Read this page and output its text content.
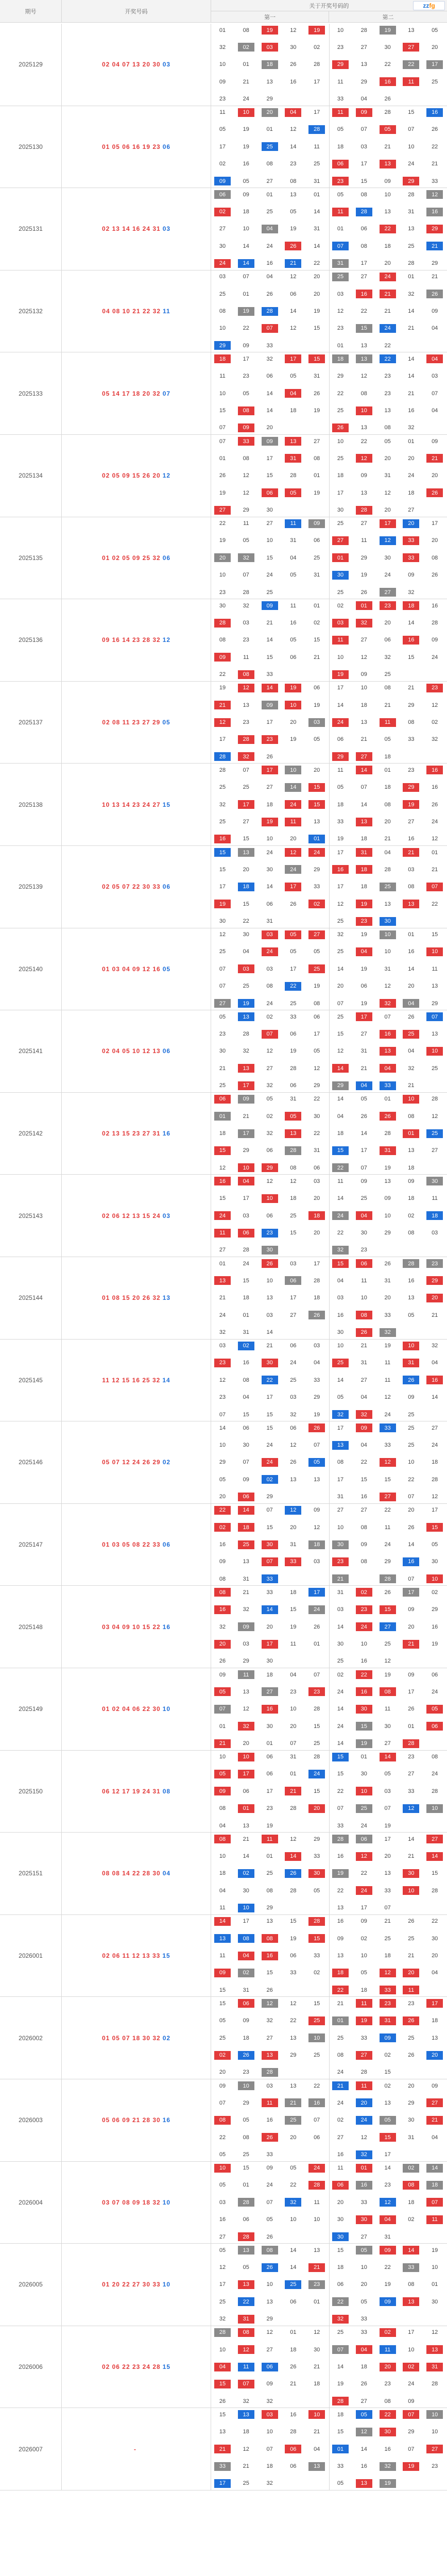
zz fg
期号	开奖号码
关于开奖号码的
第一	第二
2025129	02 04 07 13 20 30 03
01	08	19	12	19	10	28	19	13	05
32	02	03	30	02	23	27	30	27	20
10	01	18	26	28	29	13	22	22	17
09	21	13	16	17	11	29	16	11	25
23	24	29	33	04	26
2025130	01 05 06 16 19 23 06
11	10	20	04	17	11	09	28	15	16
05	19	01	12	28	05	07	05	07	26
17	19	25	14	11	18	03	21	10	22
02	16	08	23	25	06	17	13	24	21
09	05	27	08	31	23	15	09	29	33
2025131	02 13 14 16 24 31 03
06	09	01	13	01	05	08	10	28	12
02	18	25	05	14	11	28	13	31	16
27	10	04	19	31	01	06	22	13	29
30	14	24	26	14	07	08	18	25	21
24	14	16	21	22	31	17	20	28	29
2025132	04 08 10 21 22 32 11
03	07	04	12	20	25	27	24	01	21
25	01	26	06	20	03	16	21	32	26
08	19	28	14	19	12	22	21	14	09
10	22	07	12	15	23	15	24	21	04
29	09	33	01	13	22
2025133	05 14 17 18 20 32 07
18	17	32	17	15	18	13	22	14	04
11	23	06	05	31	29	12	23	14	03
10	05	14	04	26	22	08	23	21	07
15	08	14	18	19	25	10	13	16	04
07	09	20	26	13	08	32
2025134	02 05 09 15 26 20 12
07	33	09	13	27	10	22	05	01	09
01	08	17	31	08	25	12	20	20	21
26	12	15	28	01	18	09	31	24	20
19	12	06	05	19	17	13	12	18	26
27	29	30	30	28	20	27
2025135	01 02 05 09 25 32 06
22	11	27	11	09	25	27	17	20	17
19	05	10	31	06	27	11	12	33	20
20	32	15	04	25	01	29	30	33	08
10	07	24	05	31	30	19	24	09	26
23	28	25	25	26	27	32
2025136	09 16 14 23 28 32 12
30	32	09	11	01	02	01	23	18	16
28	03	21	16	02	03	32	20	14	28
08	23	14	05	15	11	27	06	16	09
09	11	15	06	21	10	12	32	15	24
22	08	33	19	09	25
2025137	02 08 11 23 27 29 05
19	12	14	19	06	17	10	08	21	23
21	13	09	10	19	14	18	21	29	12
12	23	17	20	03	24	13	11	08	02
17	28	23	19	05	06	21	05	33	32
28	32	26	29	27	18
2025138	10 13 14 23 24 27 15
28	07	17	10	20	11	14	01	23	16
25	25	27	14	15	05	07	18	29	16
32	17	18	24	15	18	14	08	19	26
25	27	19	11	13	33	13	20	27	24
16	15	10	20	01	19	18	21	16	12
2025139	02 05 07 22 30 33 06
15	13	24	12	24	17	31	04	21	01
15	20	30	24	29	16	18	28	03	21
17	18	14	17	33	17	18	25	08	07
19	15	06	26	02	12	19	13	13	22
30	22	31	25	23	30
2025140	01 03 04 09 12 16 05
12	30	03	05	27	32	19	10	01	15
25	04	24	05	05	25	04	10	16	10
07	03	03	17	25	14	19	31	14	11
07	25	08	22	19	20	06	12	20	13
27	19	24	25	08	07	19	32	04	29
2025141	02 04 05 10 12 13 06
05	13	02	33	06	25	17	07	26	07
23	28	07	06	17	15	27	16	25	13
30	32	12	19	05	12	31	13	04	10
21	13	27	28	12	14	21	04	32	25
25	17	32	06	29	29	04	33	21
2025142	02 13 15 23 27 31 16
06	09	05	31	22	14	05	01	10	28
01	21	02	05	30	04	26	26	08	12
18	17	32	13	22	18	14	28	01	25
15	29	06	28	31	15	17	31	13	27
12	10	29	08	06	22	07	19	18
2025143	02 06 12 13 15 24 03
16	04	12	12	03	11	09	13	09	30
15	17	10	18	20	14	25	09	18	11
24	03	06	25	18	24	04	10	02	18
11	06	23	15	20	22	30	29	08	03
27	28	30	32	23
2025144	01 08 15 20 26 32 13
01	24	26	03	17	15	06	26	28	23
13	15	10	06	28	04	11	31	16	29
21	18	13	17	18	03	10	20	13	20
24	01	03	27	26	16	08	33	05	21
32	31	14	30	26	32
2025145	11 12 15 16 25 32 14
03	02	21	06	03	10	21	19	10	32
23	16	30	24	04	25	31	11	31	04
12	08	22	25	33	14	27	11	26	16
23	04	17	03	29	05	04	12	09	14
07	15	15	32	19	32	32	24	25
2025146	05 07 12 24 26 29 02
14	06	15	06	26	17	09	33	25	27
10	30	24	12	07	13	04	33	25	24
29	07	24	26	05	08	22	12	10	18
05	09	02	13	13	17	15	15	22	28
20	06	29	31	16	27	07	12
2025147	01 03 05 08 22 33 06
22	14	07	12	09	27	27	22	20	17
02	18	15	20	12	10	08	11	26	15
16	25	30	31	18	30	09	24	14	05
09	13	07	33	03	23	08	29	16	30
08	31	33	21	28	07	10
2025148	03 04 09 10 15 22 16
08	21	33	18	17	31	02	26	17	02
16	32	14	15	24	03	23	15	09	29
32	09	20	19	26	14	24	27	20	16
20	03	17	11	01	30	10	25	21	19
26	29	30	25	16	12
2025149	01 02 04 06 22 30 10
09	11	18	04	07	02	22	19	09	06
05	13	27	23	23	24	16	08	17	24
07	12	16	10	28	14	30	11	26	05
01	32	30	20	15	24	15	30	01	06
21	20	01	07	25	14	19	27	28
2025150	06 12 17 19 24 31 08
10	10	06	31	28	15	01	14	23	08
05	17	06	01	24	15	30	05	27	24
09	06	17	21	15	22	10	03	33	28
08	01	23	28	20	07	25	07	12	10
04	13	19	33	24	19
2025151	08 08 14 22 28 30 04
08	21	11	12	29	28	06	17	14	27
10	14	01	14	33	16	12	20	21	14
18	02	25	26	30	19	22	13	30	15
04	30	08	28	05	22	24	33	10	28
11	10	29	13	17	07
2026001	02 06 11 12 13 33 15
14	17	13	15	28	16	09	21	26	22
13	08	08	19	15	09	02	25	25	30
11	04	16	06	33	13	10	18	21	20
09	02	15	33	02	18	05	12	20	04
15	31	26	22	18	33	11
2026002	01 05 07 18 30 32 02
15	06	12	12	15	21	11	23	23	17
05	09	32	22	25	01	19	31	26	18
25	18	27	13	10	25	33	09	25	13
02	26	13	29	25	08	27	02	26	20
20	23	28	24	28	15
2026003	05 06 09 21 28 30 16
09	10	03	13	22	21	11	02	20	09
07	29	11	21	16	24	20	13	29	27
08	05	16	25	07	02	24	05	30	21
22	08	26	20	06	27	12	15	31	04
05	25	33	16	32	17
2026004	03 07 08 09 18 32 10
10	15	09	05	24	11	01	14	02	14
05	01	24	22	28	06	16	23	08	18
03	28	07	32	11	20	33	12	18	07
16	06	05	10	10	30	30	04	02	11
27	28	26	30	27	31
2026005	01 20 22 27 30 33 10
05	13	08	14	13	15	05	09	14	19
12	05	26	14	21	18	10	22	33	10
17	13	10	25	23	06	20	19	08	01
25	22	13	06	01	22	05	09	13	30
32	31	29	32	33
2026006	02 06 22 23 24 28 15
28	08	12	01	12	25	33	02	17	12
10	12	27	18	30	07	04	11	10	13
04	11	06	26	21	14	18	20	02	31
15	07	09	21	18	19	26	23	24	28
26	32	32	28	27	08	09
2026007	-
15	13	03	16	10	18	05	22	07	10
13	18	10	28	21	15	12	30	29	10
21	12	07	06	04	01	14	16	07	27
33	21	18	06	13	33	16	32	19	23
17	25	32	05	13	19
